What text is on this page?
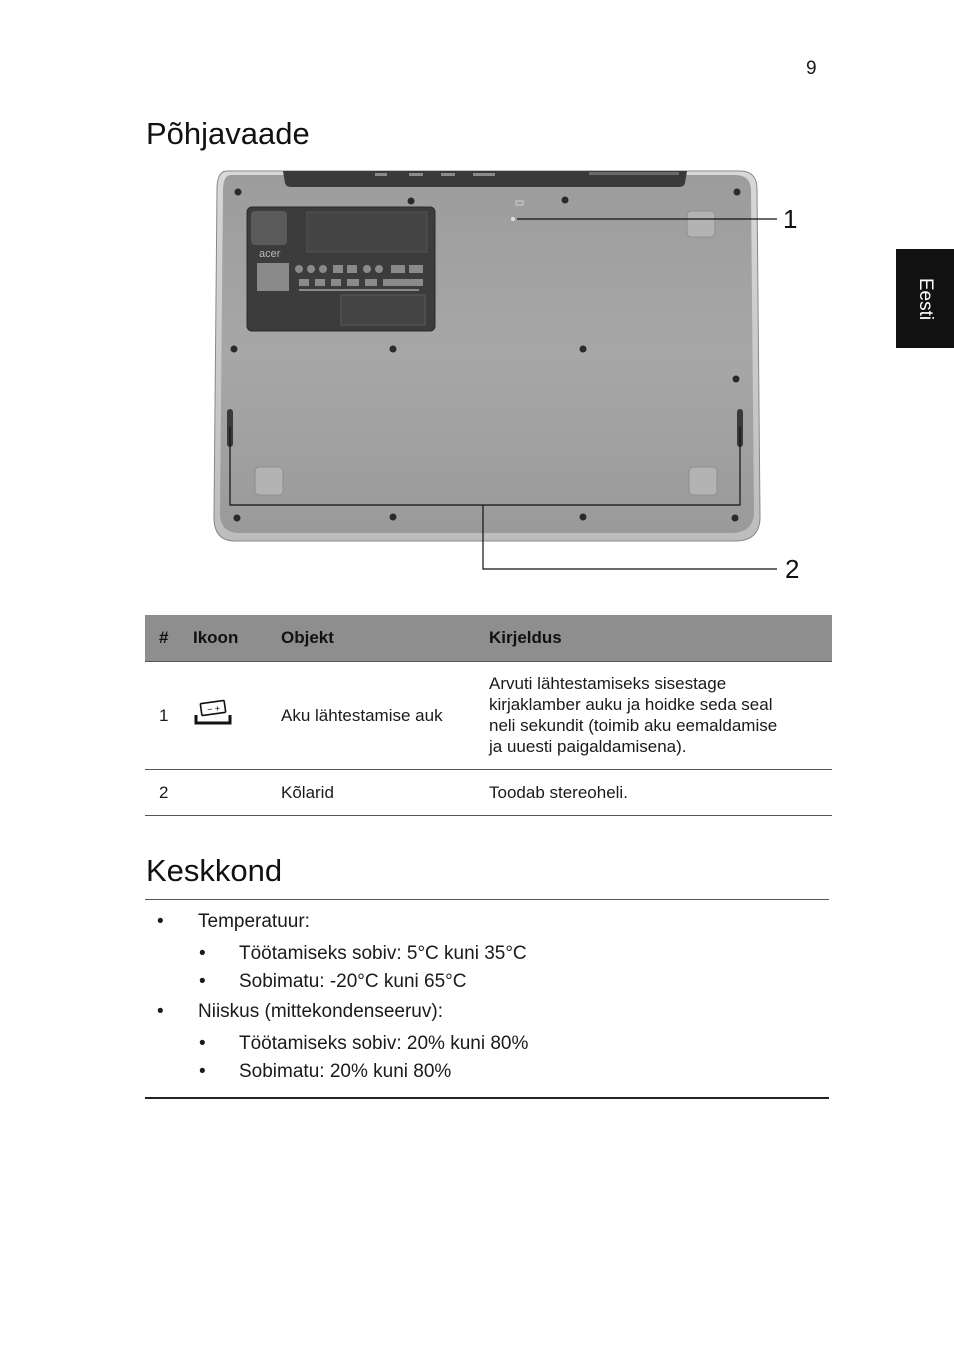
9
Eesti
Põhjavaade
acer
1
2
#	Ikoon	Objekt	Kirjeldus
1	− +	Aku lähtestamise auk	Arvuti lähtestamiseks sisestage
kirjaklamber auku ja hoidke seda seal
neli sekundit (toimib aku eemaldamise
ja uuesti paigaldamisena).

2		Kõlarid	Toodab stereoheli.
Keskkond
• Temperatuur:
• Töötamiseks sobiv: 5°C kuni 35°C
• Sobimatu: -20°C kuni 65°C
• Niiskus (mittekondenseeruv):
• Töötamiseks sobiv: 20% kuni 80%
• Sobimatu: 20% kuni 80%
